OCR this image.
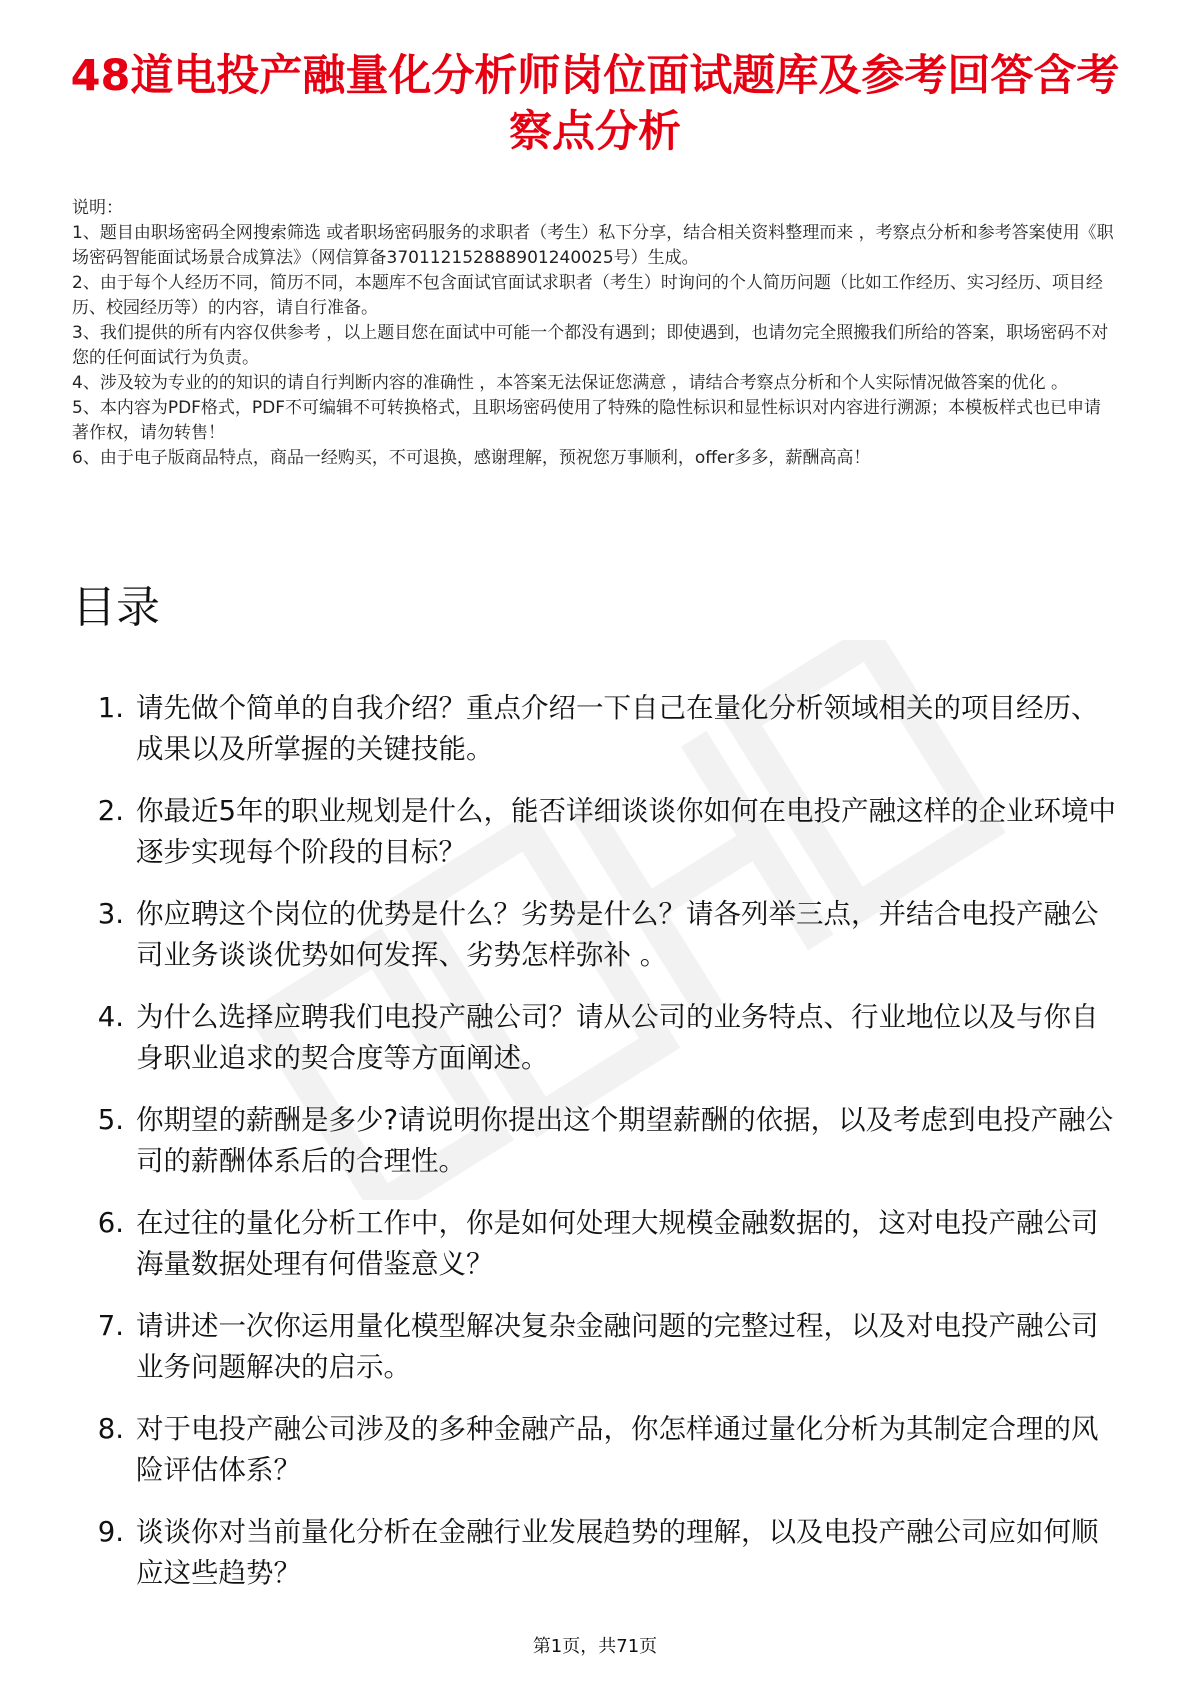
48道电投产融量化分析师岗位面试题库及参考回答含考察点分析

说明：

1、题目由职场密码全网搜索筛选 或者职场密码服务的求职者（考生）私下分享，结合相关资料整理而来 ，考察点分析和参考答案使用《职场密码智能面试场景合成算法》（网信算备370112152888901240025号）生成。

2、由于每个人经历不同，简历不同，本题库不包含面试官面试求职者（考生）时询问的个人简历问题（比如工作经历、实习经历、项目经历、校园经历等）的内容，请自行准备。

3、我们提供的所有内容仅供参考 ，以上题目您在面试中可能一个都没有遇到；即使遇到，也请勿完全照搬我们所给的答案，职场密码不对您的任何面试行为负责。

4、涉及较为专业的的知识的请自行判断内容的准确性 ，本答案无法保证您满意 ，请结合考察点分析和个人实际情况做答案的优化 。

5、本内容为PDF格式，PDF不可编辑不可转换格式，且职场密码使用了特殊的隐性标识和显性标识对内容进行溯源；本模板样式也已申请著作权，请勿转售！

6、由于电子版商品特点，商品一经购买，不可退换，感谢理解，预祝您万事顺利，offer多多，薪酬高高！

目录
1. 请先做个简单的自我介绍？重点介绍一下自己在量化分析领域相关的项目经历、成果以及所掌握的关键技能。
2. 你最近5年的职业规划是什么，能否详细谈谈你如何在电投产融这样的企业环境中逐步实现每个阶段的目标？
3. 你应聘这个岗位的优势是什么？劣势是什么？请各列举三点，并结合电投产融公司业务谈谈优势如何发挥、劣势怎样弥补 。
4. 为什么选择应聘我们电投产融公司？请从公司的业务特点、行业地位以及与你自身职业追求的契合度等方面阐述。
5. 你期望的薪酬是多少?请说明你提出这个期望薪酬的依据，以及考虑到电投产融公司的薪酬体系后的合理性。
6. 在过往的量化分析工作中，你是如何处理大规模金融数据的，这对电投产融公司海量数据处理有何借鉴意义？
7. 请讲述一次你运用量化模型解决复杂金融问题的完整过程，以及对电投产融公司业务问题解决的启示。
8. 对于电投产融公司涉及的多种金融产品，你怎样通过量化分析为其制定合理的风险评估体系？
9. 谈谈你对当前量化分析在金融行业发展趋势的理解，以及电投产融公司应如何顺应这些趋势？
第1页，共71页
